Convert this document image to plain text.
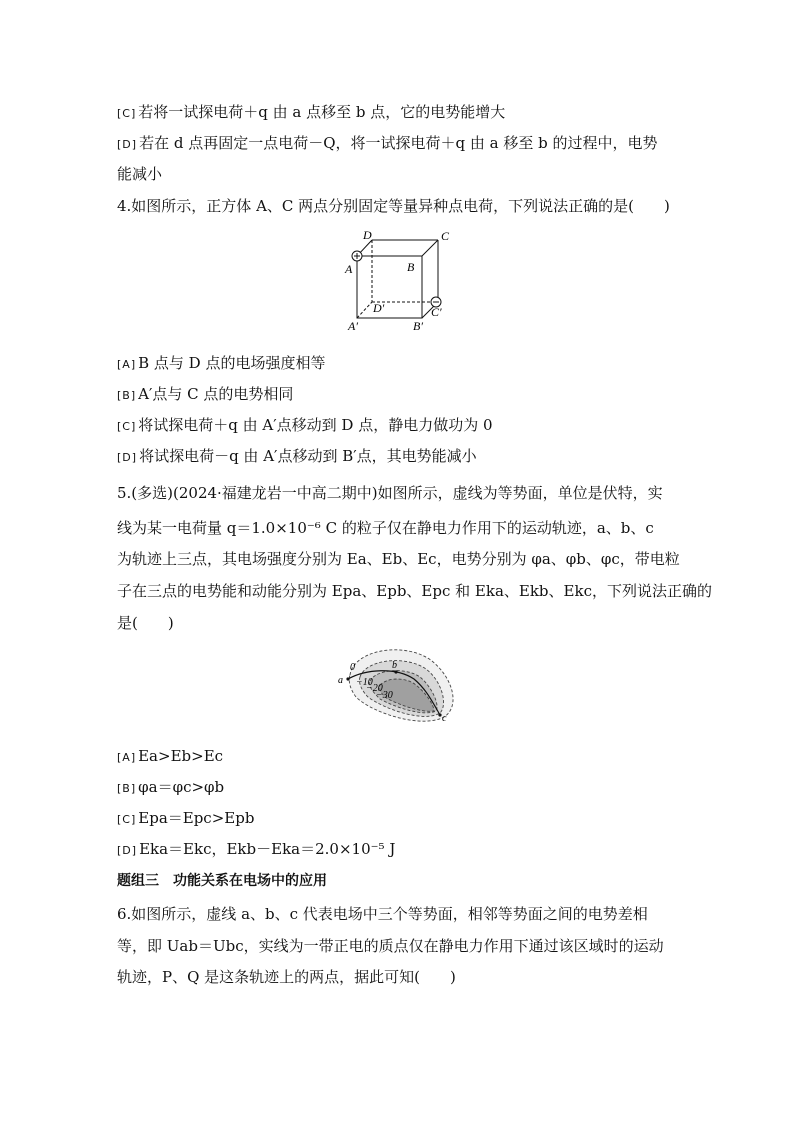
[C] 若将一试探电荷＋q 由 a 点移至 b 点，它的电势能增大
[D] 若在 d 点再固定一点电荷－Q，将一试探电荷＋q 由 a 移至 b 的过程中，电势
能减小
4.如图所示，正方体 A、C 两点分别固定等量异种点电荷，下列说法正确的是(　　)
D	C
A	B
D′	C′
A′	B′
[A] B 点与 D 点的电场强度相等
[B] A′点与 C 点的电势相同
[C] 将试探电荷＋q 由 A′点移动到 D 点，静电力做功为 0
[D] 将试探电荷－q 由 A′点移动到 B′点，其电势能减小
5.(多选)(2024·福建龙岩一中高二期中)如图所示，虚线为等势面，单位是伏特，实
线为某一电荷量 q＝1.0×10⁻⁶ C 的粒子仅在静电力作用下的运动轨迹，a、b、c
为轨迹上三点，其电场强度分别为 Ea、Eb、Ec，电势分别为 φa、φb、φc，带电粒
子在三点的电势能和动能分别为 Epa、Epb、Epc 和 Eka、Ekb、Ekc，下列说法正确的
是(　　)
a
b
c
0
−10
−20
−30
[A] Ea>Eb>Ec
[B] φa＝φc>φb
[C] Epa＝Epc>Epb
[D] Eka＝Ekc，Ekb－Eka＝2.0×10⁻⁵ J
题组三　功能关系在电场中的应用
6.如图所示，虚线 a、b、c 代表电场中三个等势面，相邻等势面之间的电势差相
等，即 Uab＝Ubc，实线为一带正电的质点仅在静电力作用下通过该区域时的运动
轨迹，P、Q 是这条轨迹上的两点，据此可知(　　)
